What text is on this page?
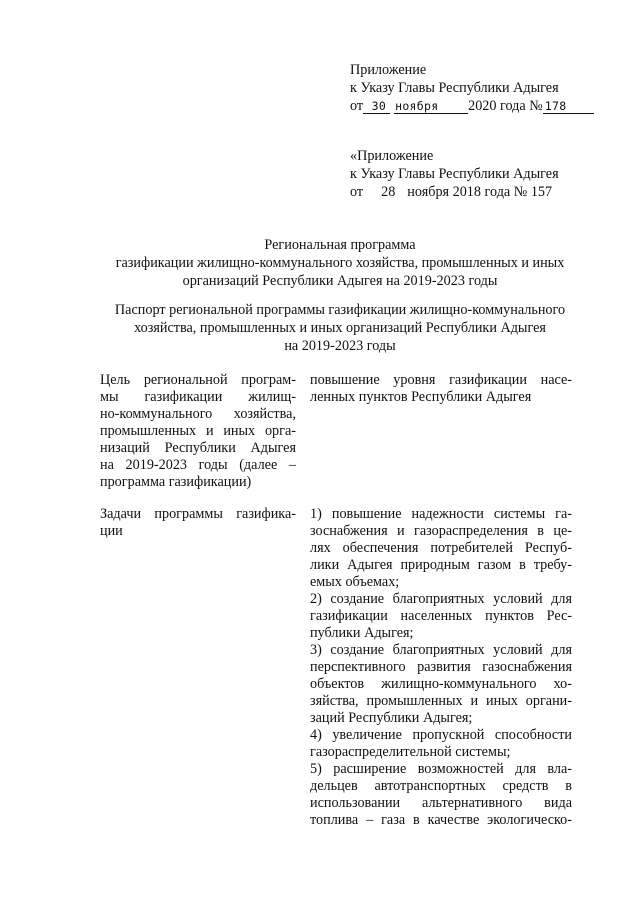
Приложение
к Указу Главы Республики Адыгея
от 30 ноября 2020 года № 178
«Приложение
к Указу Главы Республики Адыгея
от 28 ноября 2018 года № 157
Региональная программа
газификации жилищно-коммунального хозяйства, промышленных и иных
организаций Республики Адыгея на 2019-2023 годы
Паспорт региональной программы газификации жилищно-коммунального
хозяйства, промышленных и иных организаций Республики Адыгея
на 2019-2023 годы
Цель региональной програм-
мы газификации жилищ-
но-коммунального хозяйства,
промышленных и иных орга-
низаций Республики Адыгея
на 2019-2023 годы (далее –
программа газификации)
повышение уровня газификации насе-
ленных пунктов Республики Адыгея
Задачи программы газифика-
ции
1) повышение надежности системы га-
зоснабжения и газораспределения в це-
лях обеспечения потребителей Респуб-
лики Адыгея природным газом в требу-
емых объемах;
2) создание благоприятных условий для
газификации населенных пунктов Рес-
публики Адыгея;
3) создание благоприятных условий для
перспективного развития газоснабжения
объектов жилищно-коммунального хо-
зяйства, промышленных и иных органи-
заций Республики Адыгея;
4) увеличение пропускной способности
газораспределительной системы;
5) расширение возможностей для вла-
дельцев автотранспортных средств в
использовании альтернативного вида
топлива – газа в качестве экологическо-
